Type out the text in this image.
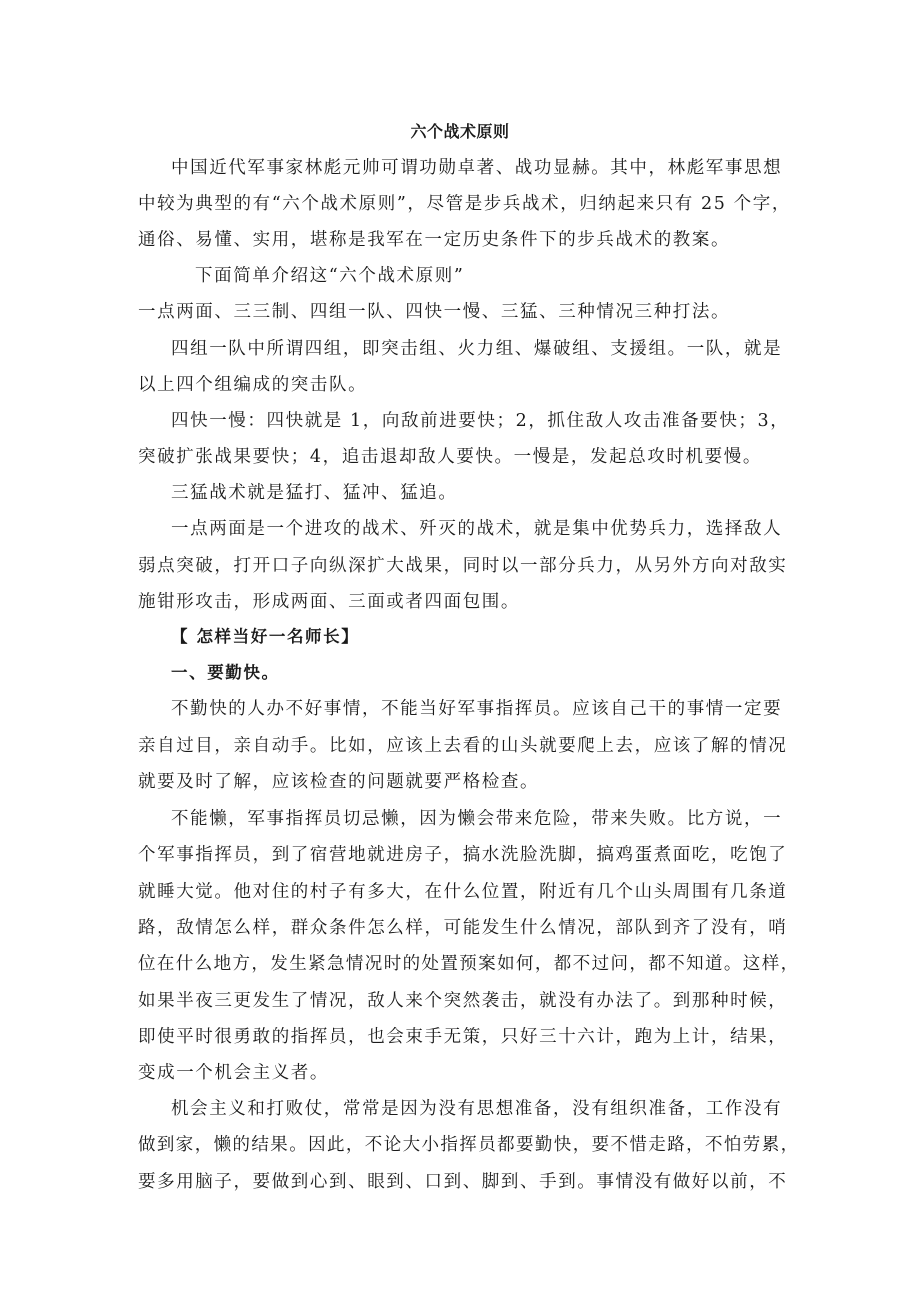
六个战术原则
中国近代军事家林彪元帅可谓功勋卓著、战功显赫。其中，林彪军事思想
中较为典型的有“六个战术原则”，尽管是步兵战术，归纳起来只有 25 个字，
通俗、易懂、实用，堪称是我军在一定历史条件下的步兵战术的教案。
下面简单介绍这“六个战术原则”
一点两面、三三制、四组一队、四快一慢、三猛、三种情况三种打法。
四组一队中所谓四组，即突击组、火力组、爆破组、支援组。一队，就是
以上四个组编成的突击队。
四快一慢：四快就是 1，向敌前进要快；2，抓住敌人攻击准备要快；3，
突破扩张战果要快；4，追击退却敌人要快。一慢是，发起总攻时机要慢。
三猛战术就是猛打、猛冲、猛追。
一点两面是一个进攻的战术、歼灭的战术，就是集中优势兵力，选择敌人
弱点突破，打开口子向纵深扩大战果，同时以一部分兵力，从另外方向对敌实
施钳形攻击，形成两面、三面或者四面包围。
【 怎样当好一名师长】
一、要勤快。
不勤快的人办不好事情，不能当好军事指挥员。应该自己干的事情一定要
亲自过目，亲自动手。比如，应该上去看的山头就要爬上去，应该了解的情况
就要及时了解，应该检查的问题就要严格检查。
不能懒，军事指挥员切忌懒，因为懒会带来危险，带来失败。比方说，一
个军事指挥员，到了宿营地就进房子，搞水洗脸洗脚，搞鸡蛋煮面吃，吃饱了
就睡大觉。他对住的村子有多大，在什么位置，附近有几个山头周围有几条道
路，敌情怎么样，群众条件怎么样，可能发生什么情况，部队到齐了没有，哨
位在什么地方，发生紧急情况时的处置预案如何，都不过问，都不知道。这样，
如果半夜三更发生了情况，敌人来个突然袭击，就没有办法了。到那种时候，
即使平时很勇敢的指挥员，也会束手无策，只好三十六计，跑为上计，结果，
变成一个机会主义者。
机会主义和打败仗，常常是因为没有思想准备，没有组织准备，工作没有
做到家，懒的结果。因此，不论大小指挥员都要勤快，要不惜走路，不怕劳累，
要多用脑子，要做到心到、眼到、口到、脚到、手到。事情没有做好以前，不
